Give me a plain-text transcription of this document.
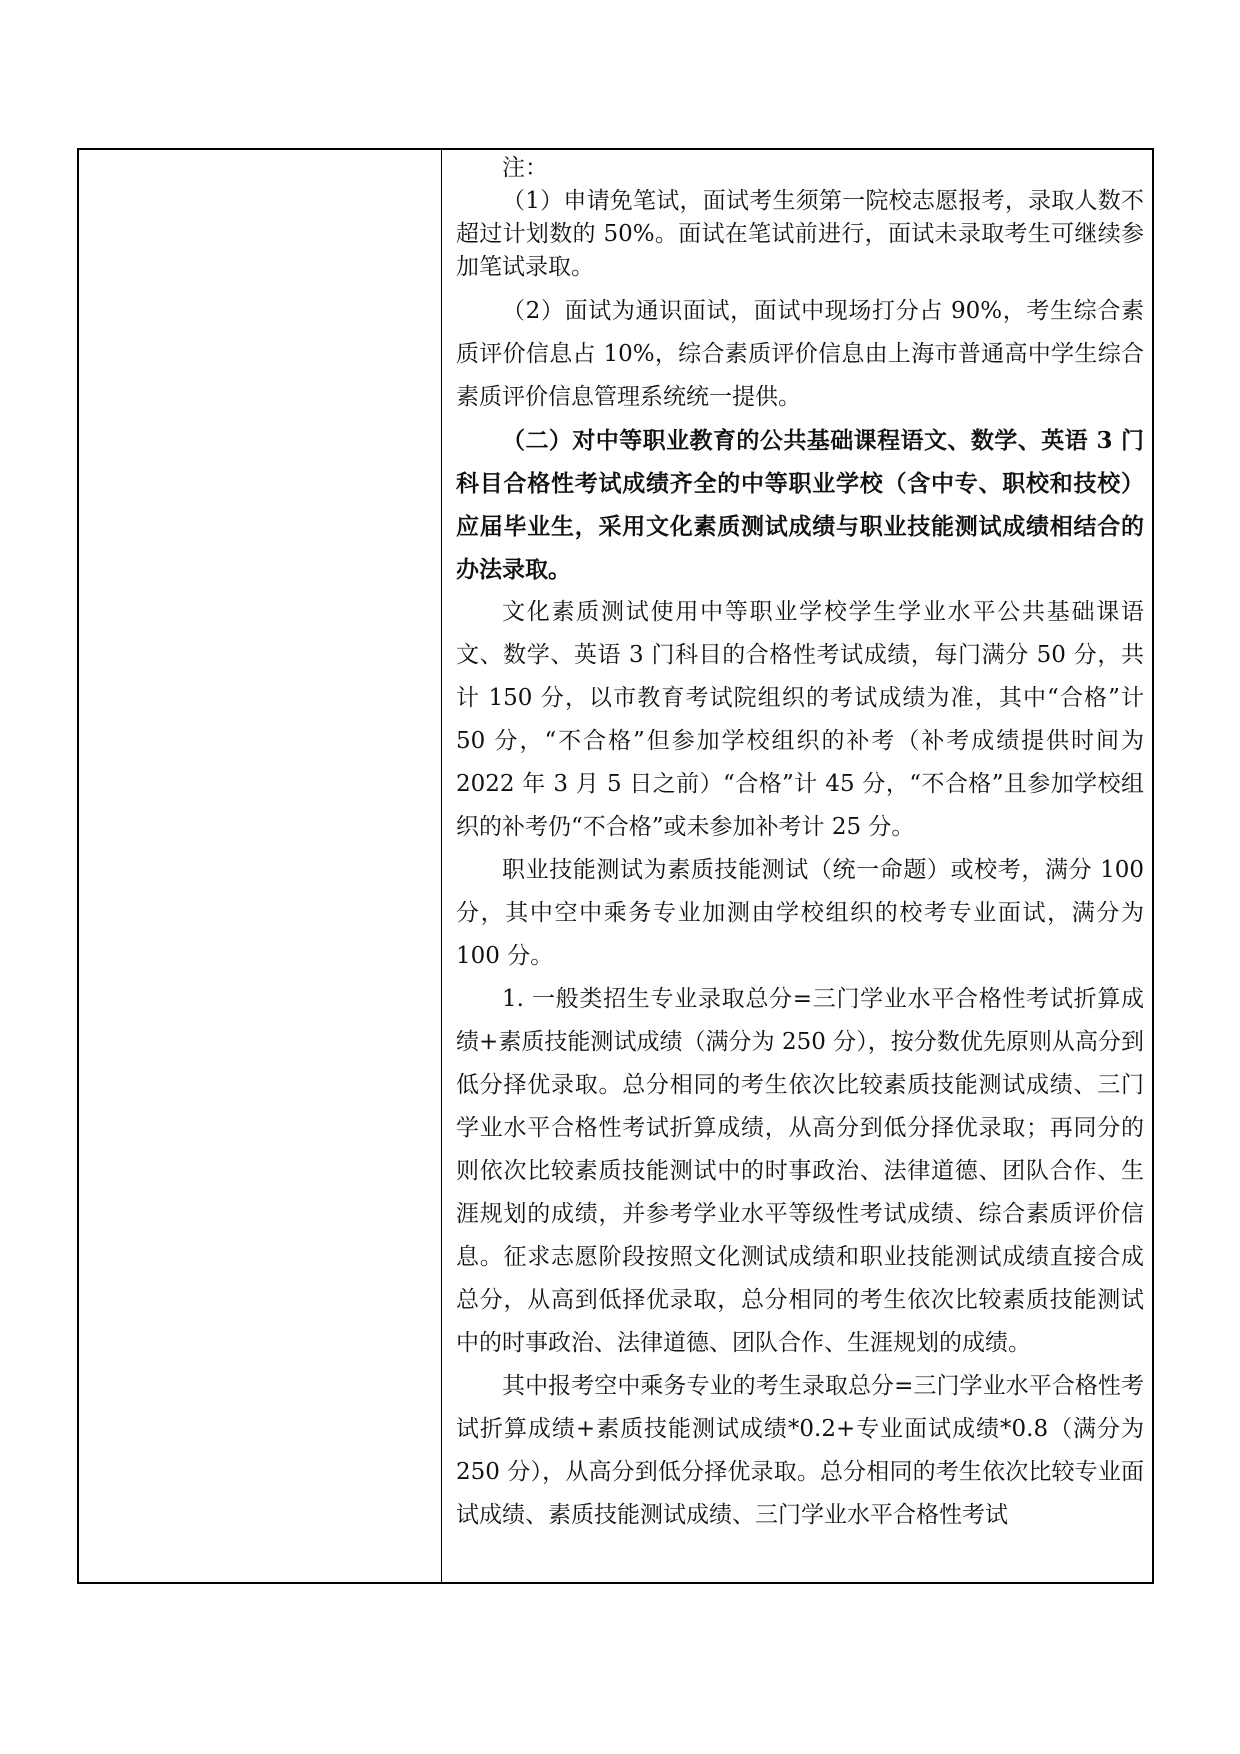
注：

（1）申请免笔试，面试考生须第一院校志愿报考，录取人数不超过计划数的 50%。面试在笔试前进行，面试未录取考生可继续参加笔试录取。

（2）面试为通识面试，面试中现场打分占 90%，考生综合素质评价信息占 10%，综合素质评价信息由上海市普通高中学生综合素质评价信息管理系统统一提供。

（二）对中等职业教育的公共基础课程语文、数学、英语 3 门科目合格性考试成绩齐全的中等职业学校（含中专、职校和技校）应届毕业生，采用文化素质测试成绩与职业技能测试成绩相结合的办法录取。

文化素质测试使用中等职业学校学生学业水平公共基础课语文、数学、英语 3 门科目的合格性考试成绩，每门满分 50 分，共计 150 分，以市教育考试院组织的考试成绩为准，其中“合格”计 50 分，“不合格”但参加学校组织的补考（补考成绩提供时间为 2022 年 3 月 5 日之前）“合格”计 45 分，“不合格”且参加学校组织的补考仍“不合格”或未参加补考计 25 分。

职业技能测试为素质技能测试（统一命题）或校考，满分 100 分，其中空中乘务专业加测由学校组织的校考专业面试，满分为 100 分。

1. 一般类招生专业录取总分=三门学业水平合格性考试折算成绩+素质技能测试成绩（满分为 250 分），按分数优先原则从高分到低分择优录取。总分相同的考生依次比较素质技能测试成绩、三门学业水平合格性考试折算成绩，从高分到低分择优录取；再同分的则依次比较素质技能测试中的时事政治、法律道德、团队合作、生涯规划的成绩，并参考学业水平等级性考试成绩、综合素质评价信息。征求志愿阶段按照文化测试成绩和职业技能测试成绩直接合成总分，从高到低择优录取，总分相同的考生依次比较素质技能测试中的时事政治、法律道德、团队合作、生涯规划的成绩。

其中报考空中乘务专业的考生录取总分=三门学业水平合格性考试折算成绩+素质技能测试成绩*0.2+专业面试成绩*0.8（满分为 250 分），从高分到低分择优录取。总分相同的考生依次比较专业面试成绩、素质技能测试成绩、三门学业水平合格性考试
